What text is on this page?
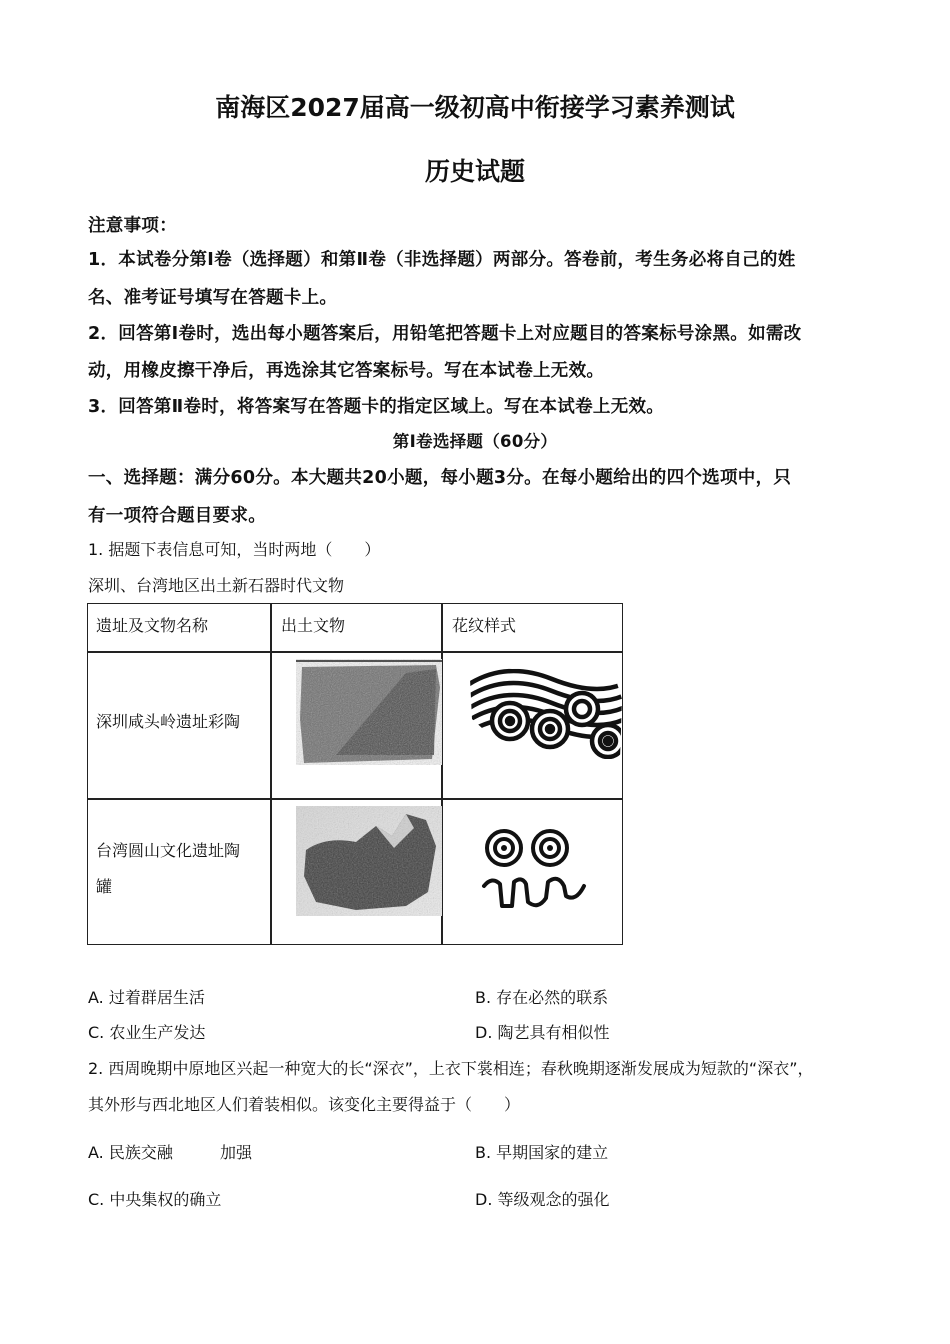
南海区2027届高一级初高中衔接学习素养测试
历史试题
注意事项：
1．本试卷分第Ⅰ卷（选择题）和第Ⅱ卷（非选择题）两部分。答卷前，考生务必将自己的姓
名、准考证号填写在答题卡上。
2．回答第Ⅰ卷时，选出每小题答案后，用铅笔把答题卡上对应题目的答案标号涂黑。如需改
动，用橡皮擦干净后，再选涂其它答案标号。写在本试卷上无效。
3．回答第Ⅱ卷时，将答案写在答题卡的指定区域上。写在本试卷上无效。
第Ⅰ卷选择题（60分）
一、选择题：满分60分。本大题共20小题，每小题3分。在每小题给出的四个选项中，只
有一项符合题目要求。
1. 据题下表信息可知，当时两地（　　）
深圳、台湾地区出土新石器时代文物
遗址及文物名称	出土文物	花纹样式
深圳咸头岭遗址彩陶
台湾圆山文化遗址陶
罐
A. 过着群居生活	B. 存在必然的联系
C. 农业生产发达	D. 陶艺具有相似性
2. 西周晚期中原地区兴起一种宽大的长“深衣”，上衣下裳相连；春秋晚期逐渐发展成为短款的“深衣”，
其外形与西北地区人们着装相似。该变化主要得益于（　　）
A. 民族交融	加强	B. 早期国家的建立
C. 中央集权的确立	D. 等级观念的强化
